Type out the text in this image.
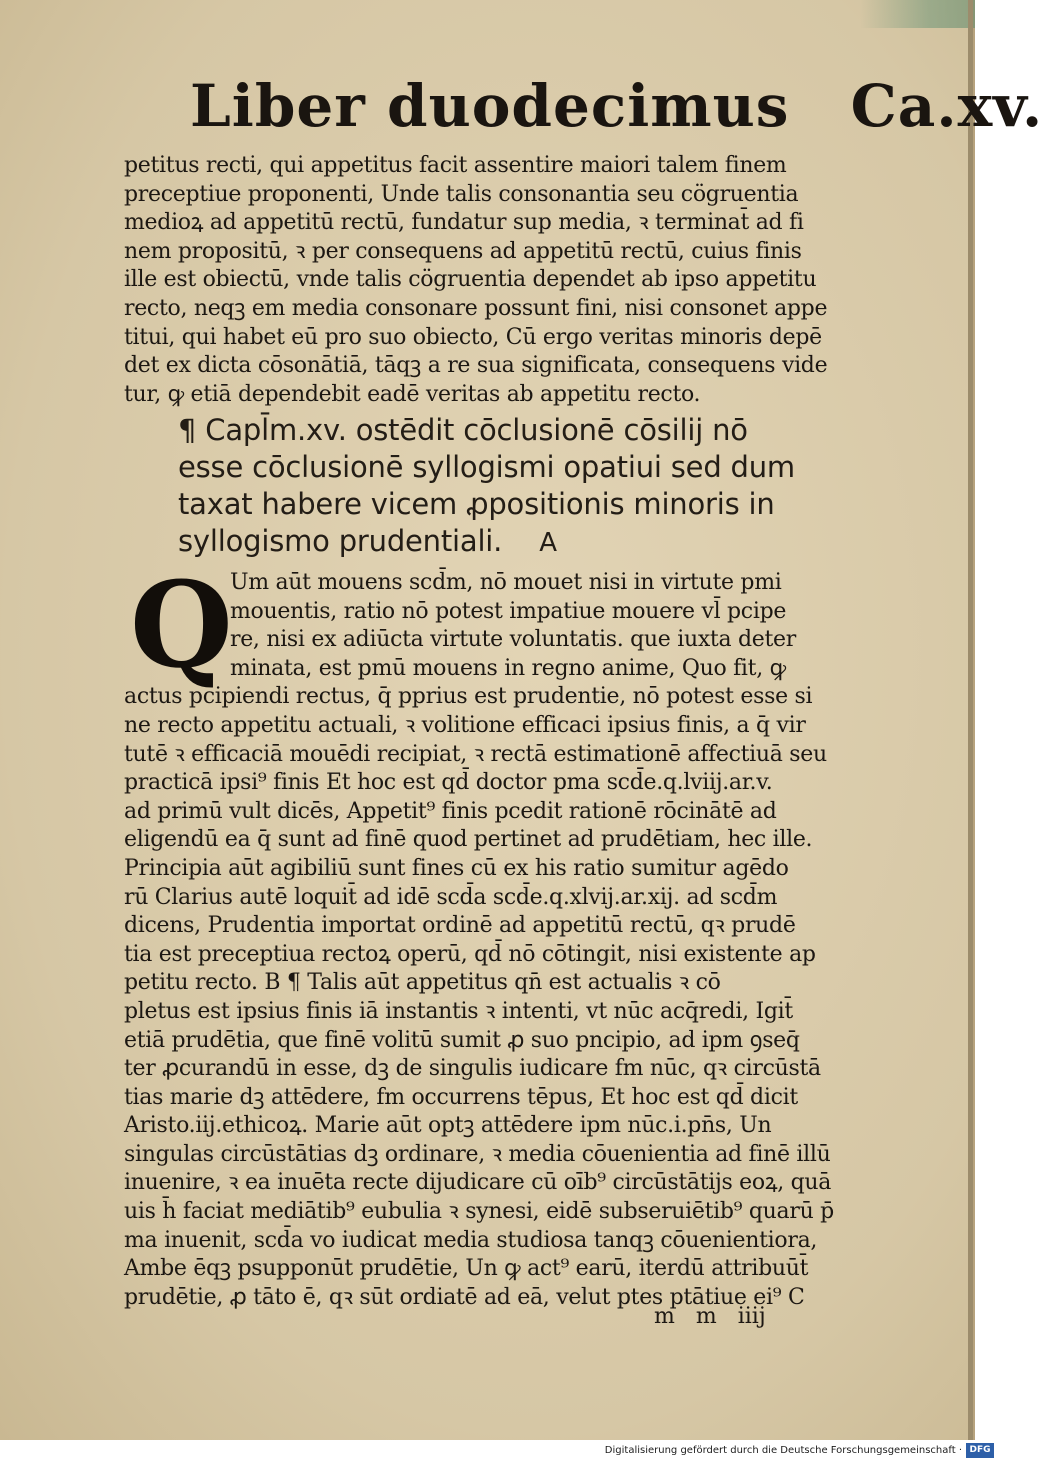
Liber duodecimus Ca.xv.
petitus recti, qui appetitus facit assentire maiori talem finem
preceptiue proponenti, Unde talis consonantia seu cögruentia
medioꝝ ad appetitū rectū, fundatur sup media, ꝛ terminat̄ ad fi
nem propositū, ꝛ per consequens ad appetitū rectū, cuius finis
ille est obiectū, vnde talis cögruentia dependet ab ipso appetitu
recto, neqꝫ em media consonare possunt fini, nisi consonet appe
titui, qui habet eū pro suo obiecto, Cū ergo veritas minoris depē
det ex dicta cōsonātiā, tāqꝫ a re sua significata, consequens vide
tur, ꝙ etiā dependebit eadē veritas ab appetitu recto.
¶ Capl̄m.xv. ostēdit cōclusionē cōsilij nō
esse cōclusionē syllogismi opatiui sed dum
taxat habere vicem ꝓpositionis minoris in
syllogismo prudentiali. A
Q
Um aūt mouens scd̄m, nō mouet nisi in virtute pmi
mouentis, ratio nō potest impatiue mouere vl̄ pcipe
re, nisi ex adiūcta virtute voluntatis. que iuxta deter
minata, est pmū mouens in regno anime, Quo fit, ꝙ
actus pcipiendi rectus, q̄ pprius est prudentie, nō potest esse si
ne recto appetitu actuali, ꝛ volitione efficaci ipsius finis, a q̄ vir
tutē ꝛ efficaciā mouēdi recipiat, ꝛ rectā estimationē affectiuā seu
practicā ipsi⁹ finis Et hoc est qd̄ doctor pma scd̄e.q.lviij.ar.v.
ad primū vult dicēs, Appetit⁹ finis pcedit rationē rōcinātē ad
eligendū ea q̄ sunt ad finē quod pertinet ad prudētiam, hec ille.
Principia aūt agibiliū sunt fines cū ex his ratio sumitur agēdo
rū Clarius autē loquit̄ ad idē scd̄a scd̄e.q.xlvij.ar.xij. ad scd̄m
dicens, Prudentia importat ordinē ad appetitū rectū, qꝛ prudē
tia est preceptiua rectoꝝ operū, qd̄ nō cōtingit, nisi existente ap
petitu recto. B ¶ Talis aūt appetitus qn̄ est actualis ꝛ cō
pletus est ipsius finis iā instantis ꝛ intenti, vt nūc acq̄redi, Igit̄
etiā prudētia, que finē volitū sumit ꝓ suo pncipio, ad ipm ꝯseq̄
ter ꝓcurandū in esse, dꝫ de singulis iudicare fm nūc, qꝛ circūstā
tias marie dꝫ attēdere, fm occurrens tēpus, Et hoc est qd̄ dicit
Aristo.iij.ethicoꝝ. Marie aūt optꝫ attēdere ipm nūc.i.pn̄s, Un
singulas circūstātias dꝫ ordinare, ꝛ media cōuenientia ad finē illū
inuenire, ꝛ ea inuēta recte dijudicare cū oīb⁹ circūstātijs eoꝝ, quā
uis h̄ faciat mediātib⁹ eubulia ꝛ synesi, eidē subseruiētib⁹ quarū p̄
ma inuenit, scd̄a vo iudicat media studiosa tanqꝫ cōuenientiora,
Ambe ēqꝫ psupponūt prudētie, Un ꝙ act⁹ earū, iterdū attribuūt̄
prudētie, ꝓ tāto ē, qꝛ sūt ordiatē ad eā, velut ptes ptātiue ei⁹ C
m m iiij
Digitalisierung gefördert durch die Deutsche Forschungsgemeinschaft · DFG
